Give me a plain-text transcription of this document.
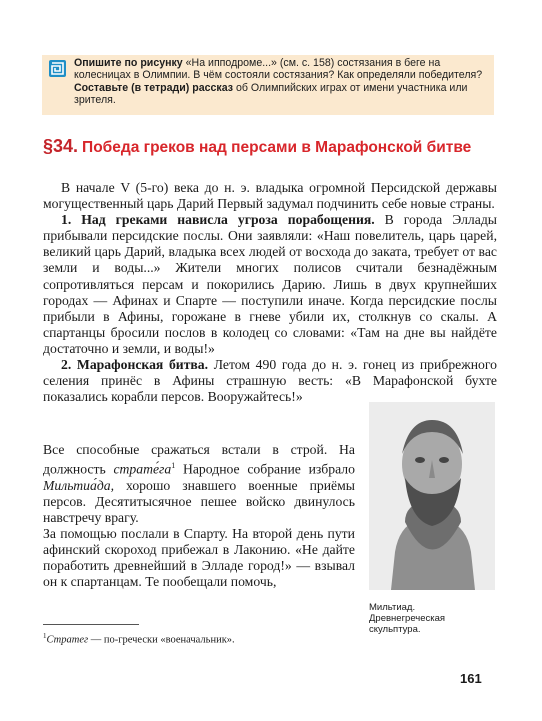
Опишите по рисунку «На ипподроме...» (см. с. 158) состязания в беге на колесницах в Олимпии. В чём состояли состязания? Как определяли победителя?
Составьте (в тетради) рассказ об Олимпийских играх от имени участника или зрителя.
§34. Победа греков над персами в Марафонской битве

В начале V (5-го) века до н. э. владыка огромной Персидской державы могущественный царь Дарий Первый задумал подчинить себе новые страны.

1. Над греками нависла угроза порабощения. В города Эллады прибывали персидские послы. Они заявляли: «Наш повелитель, царь царей, великий царь Дарий, владыка всех людей от восхода до заката, требует от вас земли и воды...» Жители многих полисов считали безнадёжным сопротивляться персам и покорились Дарию. Лишь в двух крупнейших городах — Афинах и Спарте — поступили иначе. Когда персидские послы прибыли в Афины, горожане в гневе убили их, столкнув со скалы. А спартанцы бросили послов в колодец со словами: «Там на дне вы найдёте достаточно и земли, и воды!»

2. Марафонская битва. Летом 490 года до н. э. гонец из прибрежного селения принёс в Афины страшную весть: «В Марафонской бухте показались корабли персов. Вооружайтесь!»

Все способные сражаться встали в строй. На должность $страте́га^1$ Народное собрание избрало Мильтиа́да, хорошо знавшего военные приёмы персов. Десятитысячное пешее войско двинулось навстречу врагу.

За помощью послали в Спарту. На второй день пути афинский скороход прибежал в Лаконию. «Не дайте поработить древнейший в Элладе город!» — взывал он к спартанцам. Те пообещали помочь,

Мильтиад. Древнегреческая скульптура.
$^1$Стратег — по-гречески «военачальник».
161
